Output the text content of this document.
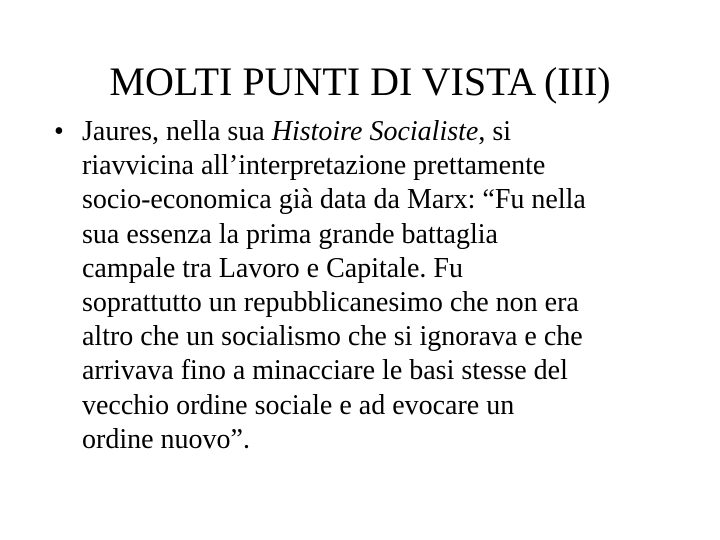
MOLTI PUNTI DI VISTA (III)
• Jaures, nella sua Histoire Socialiste, si
riavvicina all’interpretazione prettamente
socio-economica già data da Marx: “Fu nella
sua essenza la prima grande battaglia
campale tra Lavoro e Capitale. Fu
soprattutto un repubblicanesimo che non era
altro che un socialismo che si ignorava e che
arrivava fino a minacciare le basi stesse del
vecchio ordine sociale e ad evocare un
ordine nuovo”.
